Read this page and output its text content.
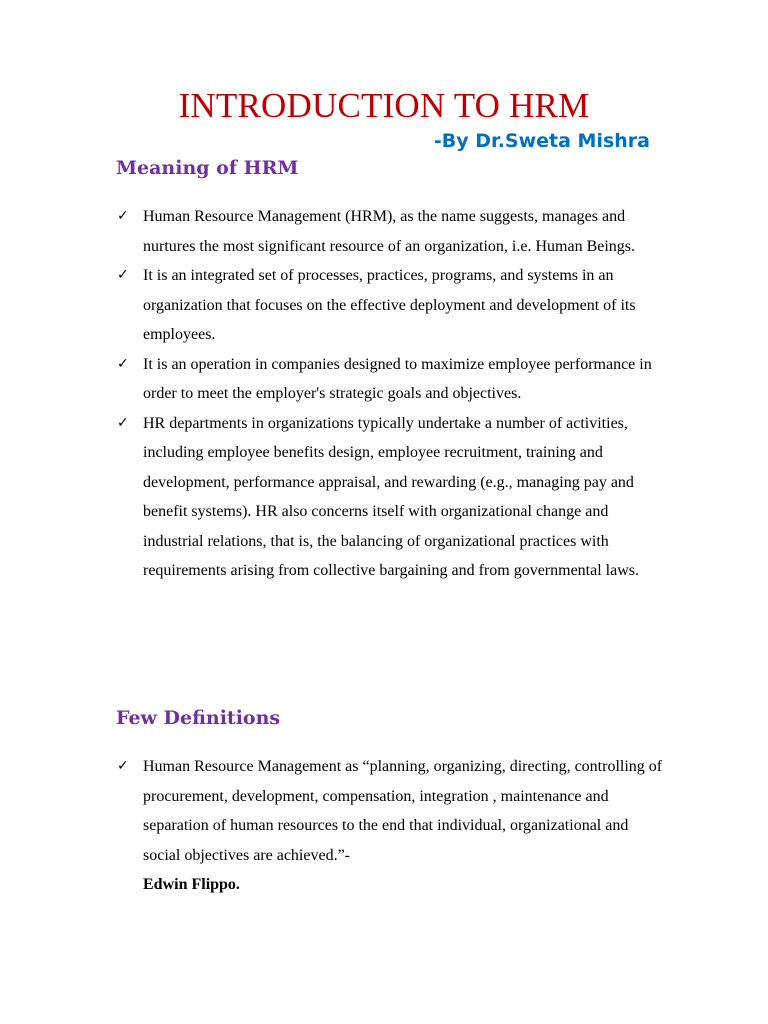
INTRODUCTION TO HRM
-By Dr.Sweta Mishra
Meaning of HRM
✓ Human Resource Management (HRM), as the name suggests, manages and nurtures the most significant resource of an organization, i.e. Human Beings.
✓ It is an integrated set of processes, practices, programs, and systems in an organization that focuses on the effective deployment and development of its employees.
✓ It is an operation in companies designed to maximize employee performance in order to meet the employer's strategic goals and objectives.
✓ HR departments in organizations typically undertake a number of activities, including employee benefits design, employee recruitment, training and development, performance appraisal, and rewarding (e.g., managing pay and benefit systems). HR also concerns itself with organizational change and industrial relations, that is, the balancing of organizational practices with requirements arising from collective bargaining and from governmental laws.
Few Definitions
✓ Human Resource Management as “planning, organizing, directing, controlling of procurement, development, compensation, integration , maintenance and separation of human resources to the end that individual, organizational and social objectives are achieved.”-
Edwin Flippo.
